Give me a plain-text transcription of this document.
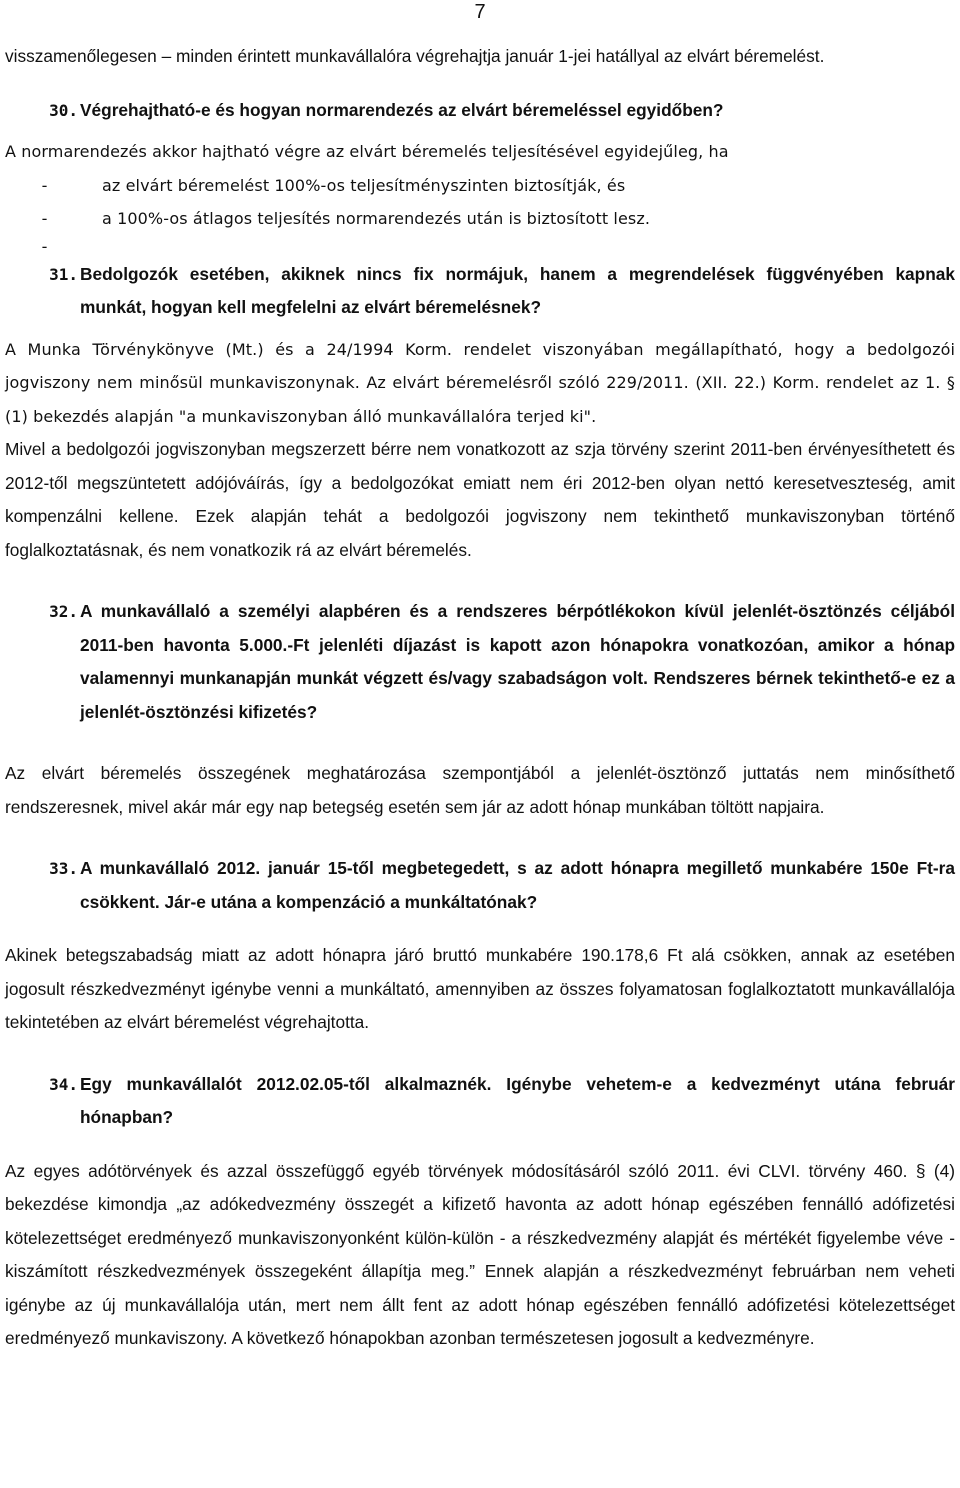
7

visszamenőlegesen – minden érintett munkavállalóra végrehajtja január 1-jei hatállyal az elvárt béremelést.

30. Végrehajtható-e és hogyan normarendezés az elvárt béremeléssel egyidőben?

A normarendezés akkor hajtható végre az elvárt béremelés teljesítésével egyidejűleg, ha

-	az elvárt béremelést 100%-os teljesítményszinten biztosítják, és
-	a 100%-os átlagos teljesítés normarendezés után is biztosított lesz.
-
31. Bedolgozók esetében, akiknek nincs fix normájuk, hanem a megrendelések függvényében kapnak munkát, hogyan kell megfelelni az elvárt béremelésnek?

A Munka Törvénykönyve (Mt.) és a 24/1994 Korm. rendelet viszonyában megállapítható, hogy a bedolgozói jogviszony nem minősül munkaviszonynak. Az elvárt béremelésről szóló 229/2011. (XII. 22.) Korm. rendelet az 1. § (1) bekezdés alapján "a munkaviszonyban álló munkavállalóra terjed ki".

Mivel a bedolgozói jogviszonyban megszerzett bérre nem vonatkozott az szja törvény szerint 2011-ben érvényesíthetett és 2012-től megszüntetett adójóváírás, így a bedolgozókat emiatt nem éri 2012-ben olyan nettó keresetveszteség, amit kompenzálni kellene. Ezek alapján tehát a bedolgozói jogviszony nem tekinthető munkaviszonyban történő foglalkoztatásnak, és nem vonatkozik rá az elvárt béremelés.

32. A munkavállaló a személyi alapbéren és a rendszeres bérpótlékokon kívül jelenlét-ösztönzés céljából 2011-ben havonta 5.000.-Ft jelenléti díjazást is kapott azon hónapokra vonatkozóan, amikor a hónap valamennyi munkanapján munkát végzett és/vagy szabadságon volt. Rendszeres bérnek tekinthető-e ez a jelenlét-ösztönzési kifizetés?

Az elvárt béremelés összegének meghatározása szempontjából a jelenlét-ösztönző juttatás nem minősíthető rendszeresnek, mivel akár már egy nap betegség esetén sem jár az adott hónap munkában töltött napjaira.

33. A munkavállaló 2012. január 15-től megbetegedett, s az adott hónapra megillető munkabére 150e Ft-ra csökkent. Jár-e utána a kompenzáció a munkáltatónak?

Akinek betegszabadság miatt az adott hónapra járó bruttó munkabére 190.178,6 Ft alá csökken, annak az esetében jogosult részkedvezményt igénybe venni a munkáltató, amennyiben az összes folyamatosan foglalkoztatott munkavállalója tekintetében az elvárt béremelést végrehajtotta.

34. Egy munkavállalót 2012.02.05-től alkalmaznék. Igénybe vehetem-e a kedvezményt utána február hónapban?

Az egyes adótörvények és azzal összefüggő egyéb törvények módosításáról szóló 2011. évi CLVI. törvény 460. § (4) bekezdése kimondja „az adókedvezmény összegét a kifizető havonta az adott hónap egészében fennálló adófizetési kötelezettséget eredményező munkaviszonyonként külön-külön - a részkedvezmény alapját és mértékét figyelembe véve - kiszámított részkedvezmények összegeként állapítja meg.” Ennek alapján a részkedvezményt februárban nem veheti igénybe az új munkavállalója után, mert nem állt fent az adott hónap egészében fennálló adófizetési kötelezettséget eredményező munkaviszony. A következő hónapokban azonban természetesen jogosult a kedvezményre.
